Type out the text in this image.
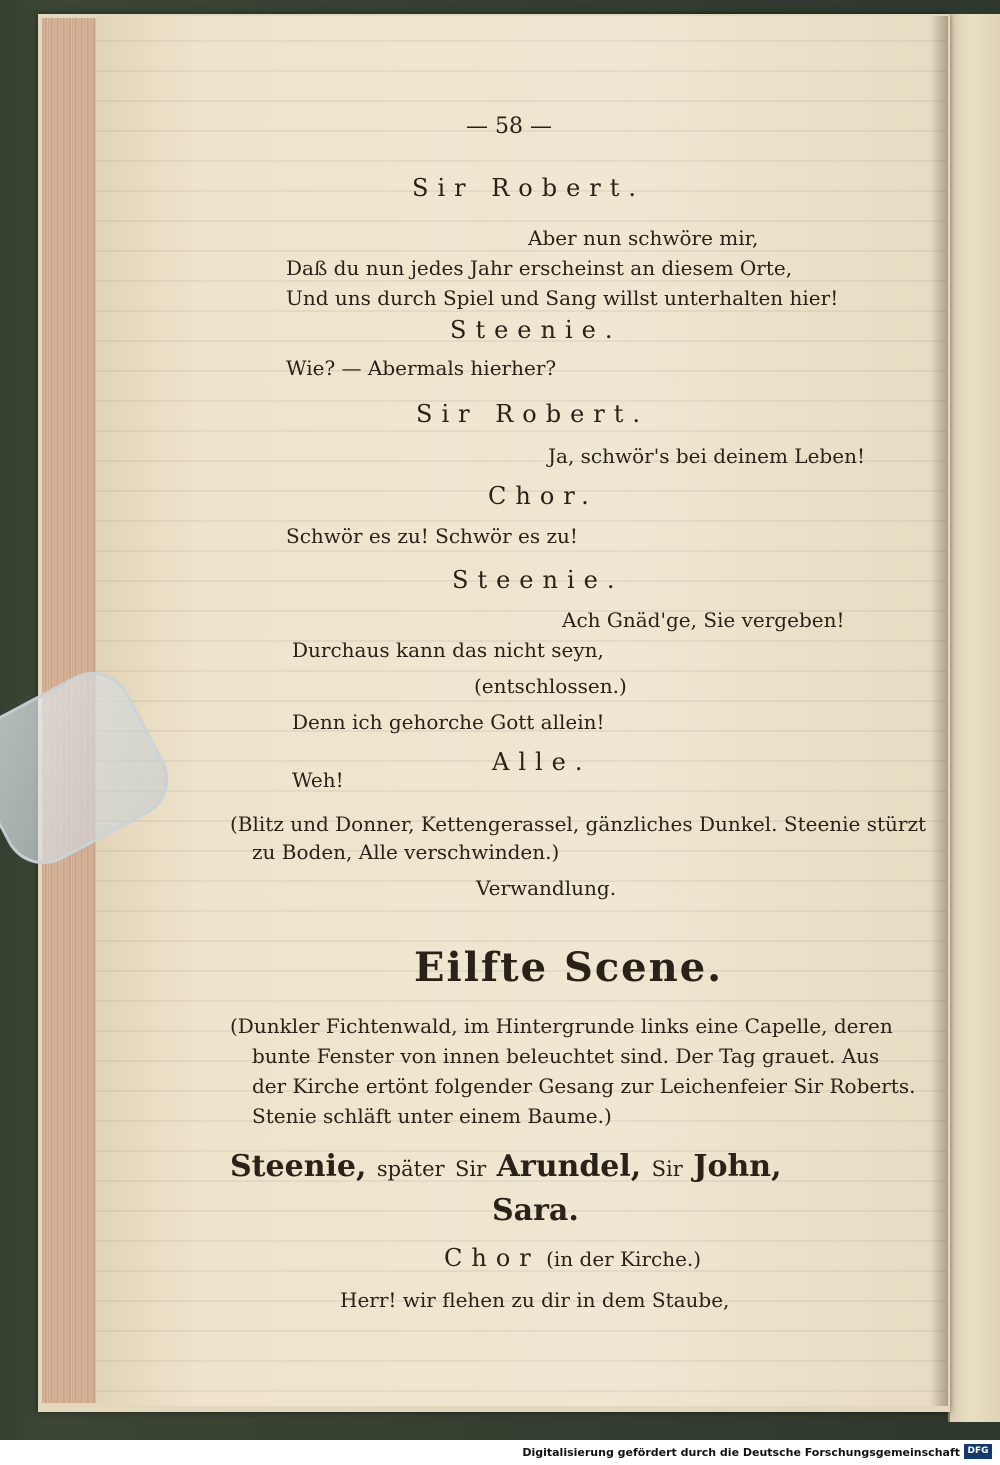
— 58 —
Sir Robert.
Aber nun schwöre mir,
Daß du nun jedes Jahr erscheinst an diesem Orte,
Und uns durch Spiel und Sang willst unterhalten hier!
Steenie.
Wie? — Abermals hierher?
Sir Robert.
Ja, schwör's bei deinem Leben!
Chor.
Schwör es zu! Schwör es zu!
Steenie.
Ach Gnäd'ge, Sie vergeben!
Durchaus kann das nicht seyn,
(entschlossen.)
Denn ich gehorche Gott allein!
Alle.
Weh!
(Blitz und Donner, Kettengerassel, gänzliches Dunkel. Steenie stürzt
zu Boden, Alle verschwinden.)
Verwandlung.
Eilfte Scene.
(Dunkler Fichtenwald, im Hintergrunde links eine Capelle, deren
bunte Fenster von innen beleuchtet sind. Der Tag grauet. Aus
der Kirche ertönt folgender Gesang zur Leichenfeier Sir Roberts.
Stenie schläft unter einem Baume.)
Steenie, später Sir Arundel, Sir John,
Sara.
Chor (in der Kirche.)
Herr! wir flehen zu dir in dem Staube,
Digitalisierung gefördert durch die Deutsche Forschungsgemeinschaft DFG
